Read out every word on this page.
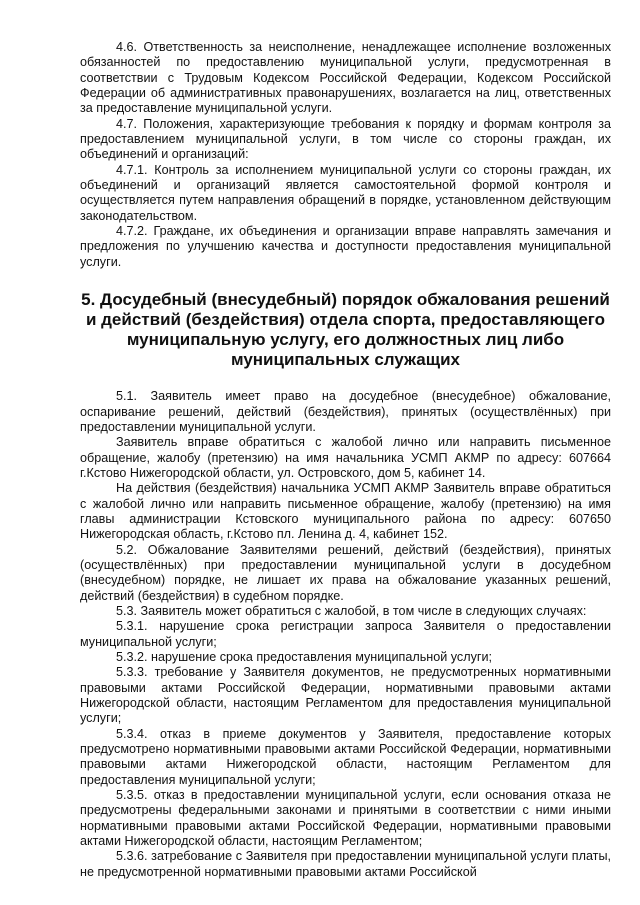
4.6. Ответственность за неисполнение, ненадлежащее исполнение возложенных обязанностей по предоставлению муниципальной услуги, предусмотренная в соответствии с Трудовым Кодексом Российской Федерации, Кодексом Российской Федерации об административных правонарушениях, возлагается на лиц, ответственных за предоставление муниципальной услуги.

4.7. Положения, характеризующие требования к порядку и формам контроля за предоставлением муниципальной услуги, в том числе со стороны граждан, их объединений и организаций:

4.7.1. Контроль за исполнением муниципальной услуги со стороны граждан, их объединений и организаций является самостоятельной формой контроля и осуществляется путем направления обращений в порядке, установленном действующим законодательством.

4.7.2. Граждане, их объединения и организации вправе направлять замечания и предложения по улучшению качества и доступности предоставления муниципальной услуги.

5. Досудебный (внесудебный) порядок обжалования решений
и действий (бездействия) отдела спорта, предоставляющего
муниципальную услугу, его должностных лиц либо
муниципальных служащих

5.1. Заявитель имеет право на досудебное (внесудебное) обжалование, оспаривание решений, действий (бездействия), принятых (осуществлённых) при предоставлении муниципальной услуги.

Заявитель вправе обратиться с жалобой лично или направить письменное обращение, жалобу (претензию) на имя начальника УСМП АКМР по адресу: 607664 г.Кстово Нижегородской области, ул. Островского, дом 5, кабинет 14.

На действия (бездействия) начальника УСМП АКМР Заявитель вправе обратиться с жалобой лично или направить письменное обращение, жалобу (претензию) на имя главы администрации Кстовского муниципального района по адресу: 607650 Нижегородская область, г.Кстово пл. Ленина д. 4, кабинет 152.

5.2. Обжалование Заявителями решений, действий (бездействия), принятых (осуществлённых) при предоставлении муниципальной услуги в досудебном (внесудебном) порядке, не лишает их права на обжалование указанных решений, действий (бездействия) в судебном порядке.

5.3. Заявитель может обратиться с жалобой, в том числе в следующих случаях:

5.3.1. нарушение срока регистрации запроса Заявителя о предоставлении муниципальной услуги;

5.3.2. нарушение срока предоставления муниципальной услуги;

5.3.3. требование у Заявителя документов, не предусмотренных нормативными правовыми актами Российской Федерации, нормативными правовыми актами Нижегородской области, настоящим Регламентом для предоставления муниципальной услуги;

5.3.4. отказ в приеме документов у Заявителя, предоставление которых предусмотрено нормативными правовыми актами Российской Федерации, нормативными правовыми актами Нижегородской области, настоящим Регламентом для предоставления муниципальной услуги;

5.3.5. отказ в предоставлении муниципальной услуги, если основания отказа не предусмотрены федеральными законами и принятыми в соответствии с ними иными нормативными правовыми актами Российской Федерации, нормативными правовыми актами Нижегородской области, настоящим Регламентом;

5.3.6. затребование с Заявителя при предоставлении муниципальной услуги платы, не предусмотренной нормативными правовыми актами Российской
